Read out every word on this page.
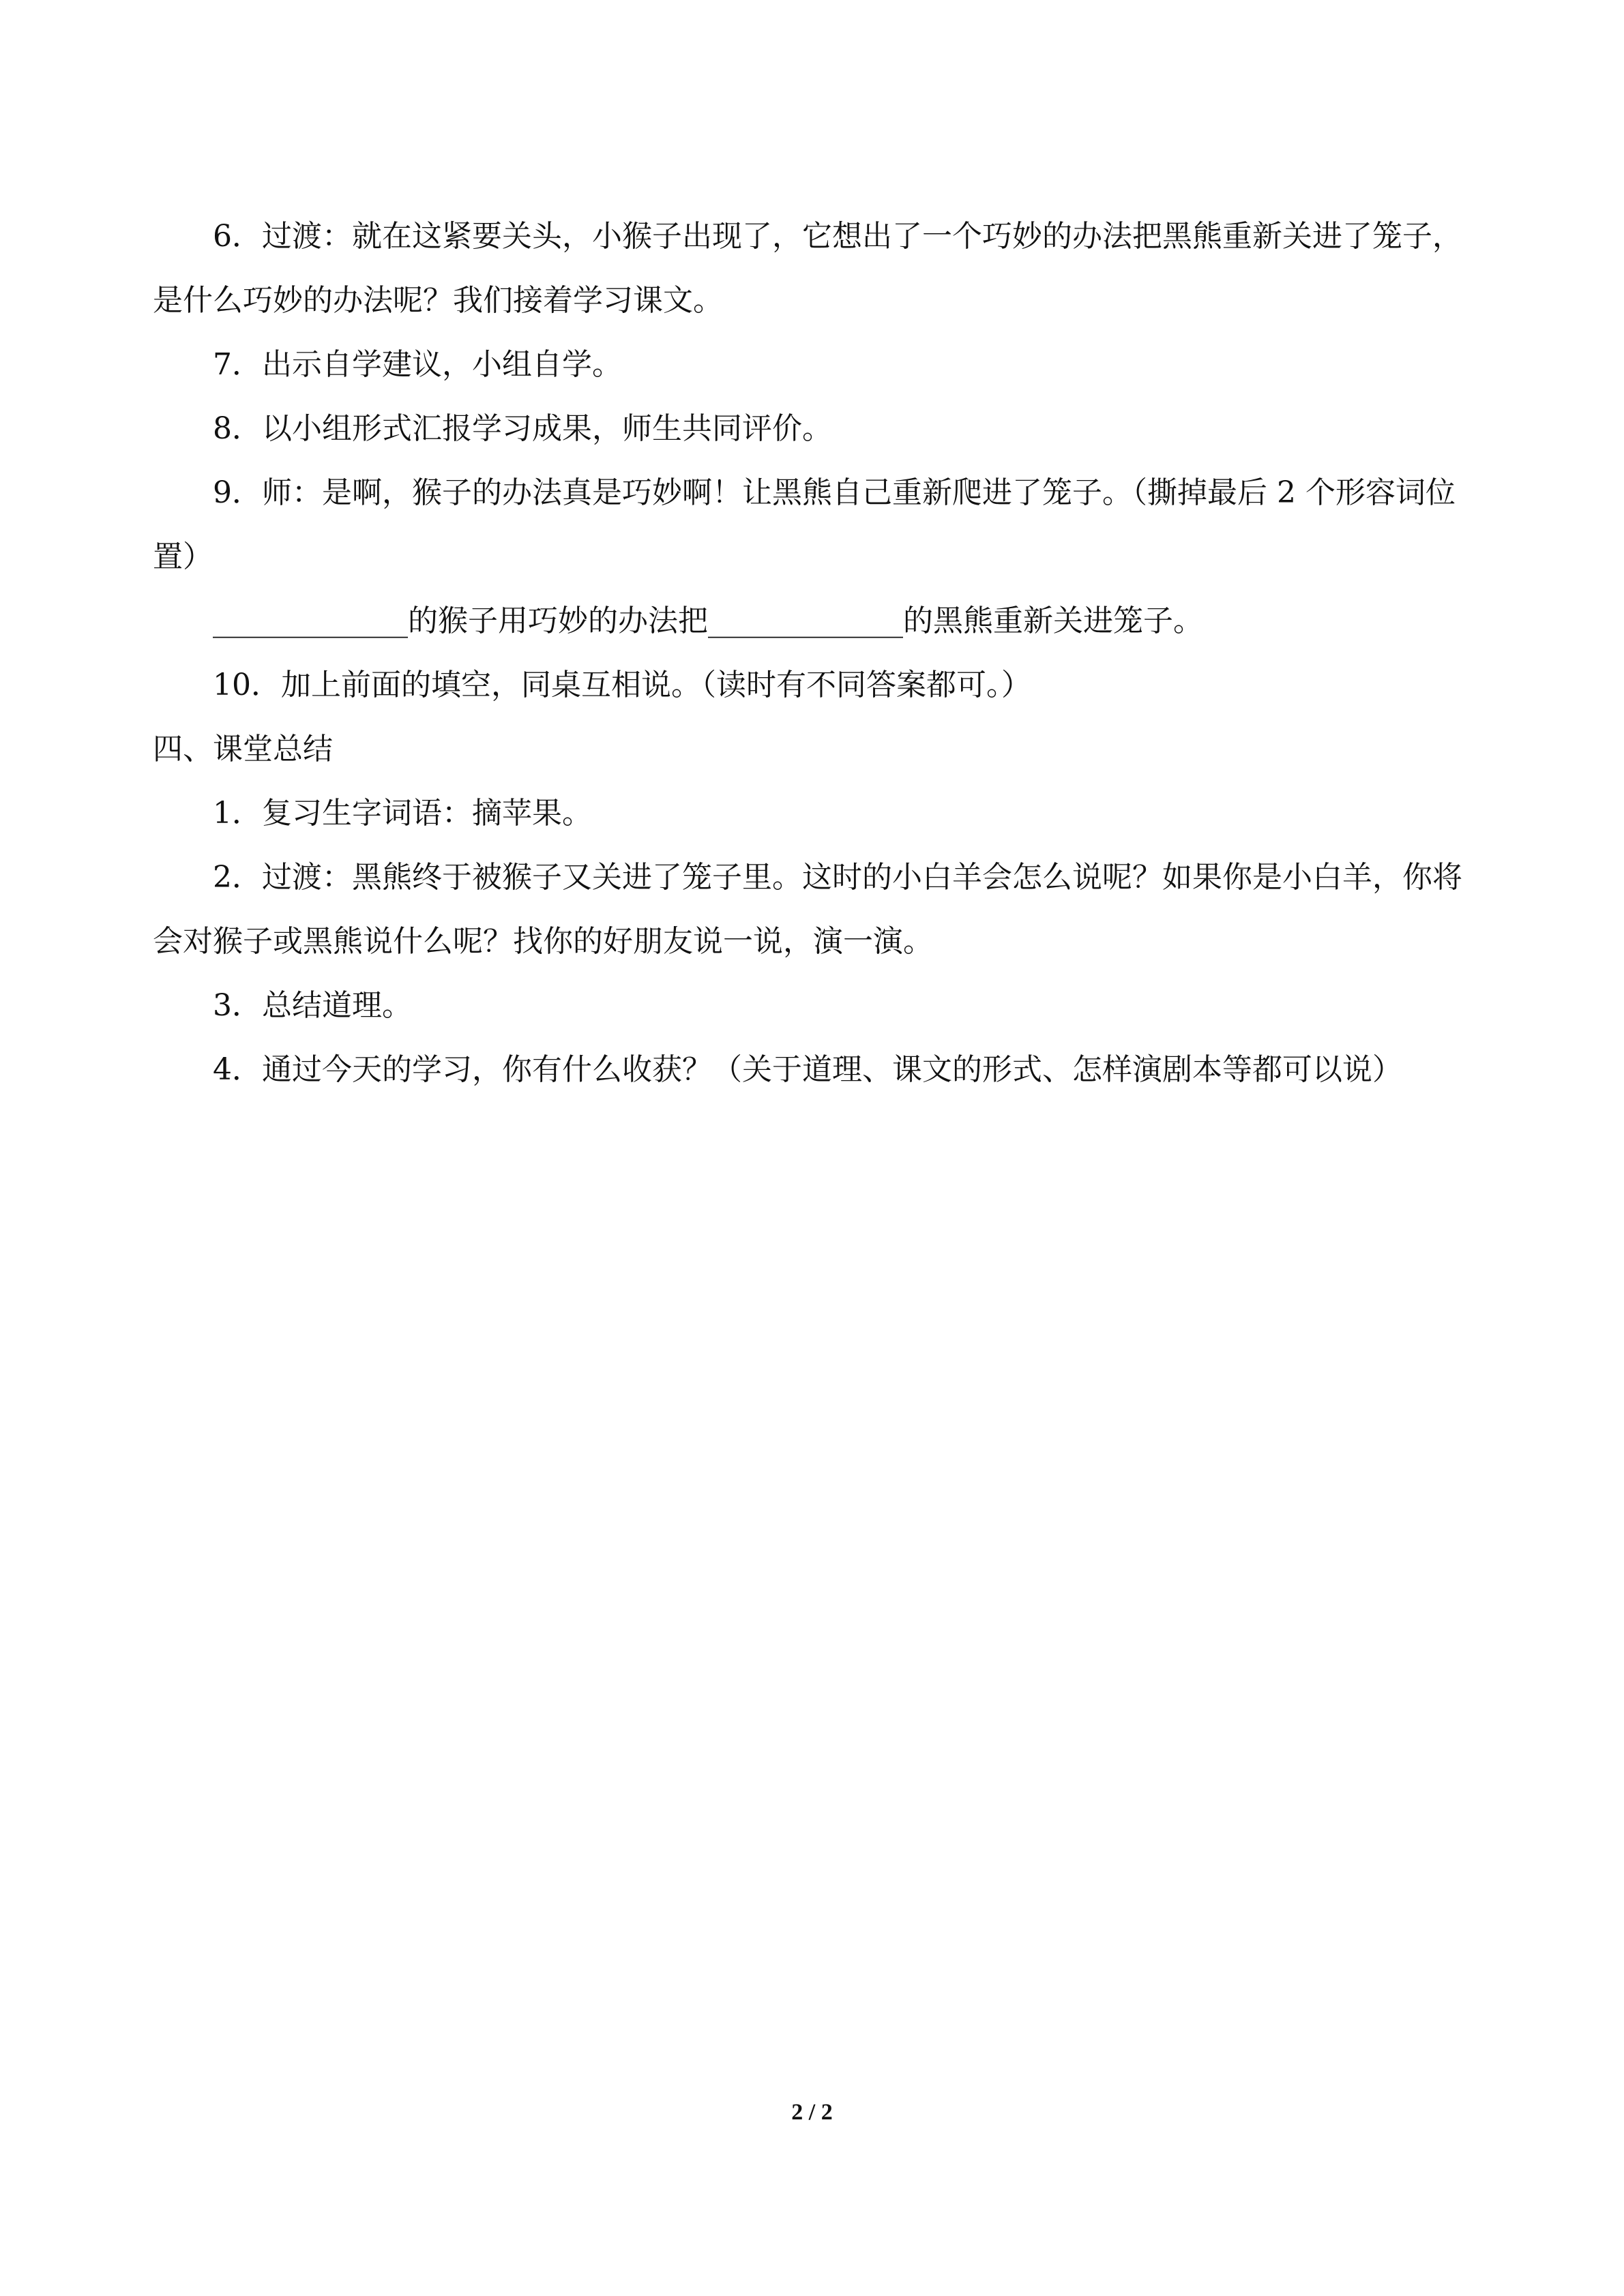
6．过渡：就在这紧要关头，小猴子出现了，它想出了一个巧妙的办法把黑熊重新关进了笼子，是什么巧妙的办法呢？我们接着学习课文。

7．出示自学建议，小组自学。

8．以小组形式汇报学习成果，师生共同评价。

9．师：是啊，猴子的办法真是巧妙啊！让黑熊自己重新爬进了笼子。（撕掉最后 2 个形容词位置）

_____________的猴子用巧妙的办法把_____________的黑熊重新关进笼子。

10．加上前面的填空，同桌互相说。（读时有不同答案都可。）

四、课堂总结

1．复习生字词语：摘苹果。

2．过渡：黑熊终于被猴子又关进了笼子里。这时的小白羊会怎么说呢？如果你是小白羊，你将会对猴子或黑熊说什么呢？找你的好朋友说一说，演一演。

3．总结道理。

4．通过今天的学习，你有什么收获？（关于道理、课文的形式、怎样演剧本等都可以说）

2 / 2
